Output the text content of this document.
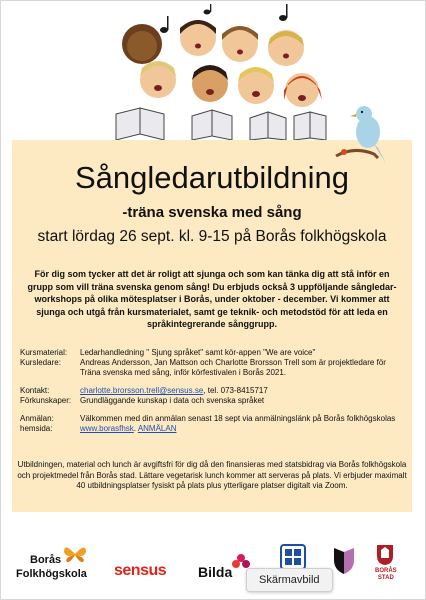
Sångledarutbildning
-träna svenska med sång
start lördag 26 sept. kl. 9-15 på Borås folkhögskola
För dig som tycker att det är roligt att sjunga och som kan tänka dig att stå inför en grupp som vill träna svenska genom sång! Du erbjuds också 3 uppföljande sångledar-workshops på olika mötesplatser i Borås, under oktober - december. Vi kommer att sjunga och utgå från kursmaterialet, samt ge teknik- och metodstöd för att leda en språkintegrerande sånggrupp.
Kursmaterial:	Ledarhandledning " Sjung språket" samt kör-appen "We are voice"
Kursledare:	Andreas Andersson, Jan Mattson och Charlotte Brorsson Trell som är projektledare för Träna svenska med sång, inför körfestivalen i Borås 2021.
Kontakt:	charlotte.brorsson.trell@sensus.se, tel. 073-8415717
Förkunskaper:	Grundläggande kunskap i data och svenska språket
Anmälan:	Välkommen med din anmälan senast 18 sept via anmälningslänk på Borås folkhögskolas
hemsida:	www.borasfhsk. ANMÄLAN
Utbildningen, material och lunch är avgiftsfri för dig då den finansieras med statsbidrag via Borås folkhögskola och projektmedel från Borås stad. Lättare vegetarisk lunch kommer att serveras på plats. Vi erbjuder maximalt 40 utbildningsplatser fysiskt på plats plus ytterligare platser digitalt via Zoom.
Borås
Folkhögskola sensus Bilda	BORÅS
STAD
Skärmavbild
